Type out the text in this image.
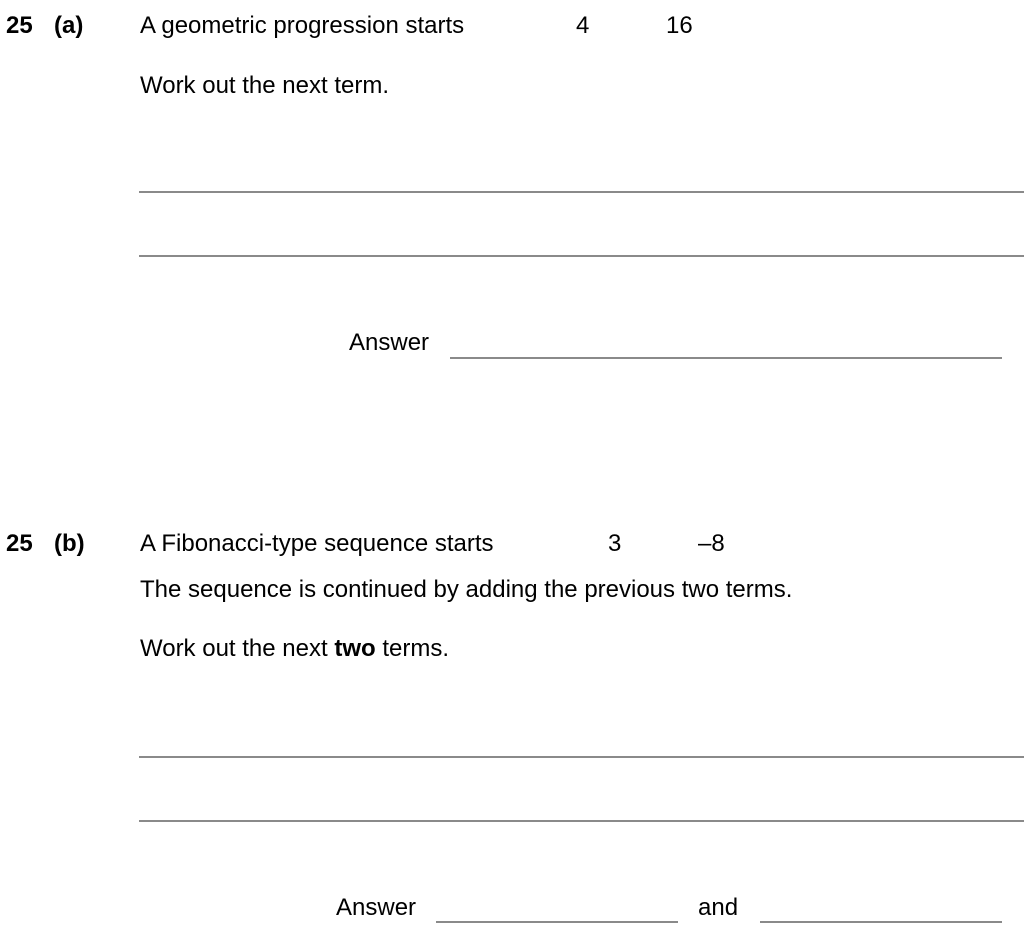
25 (a) A geometric progression starts	4	16
Work out the next term.
Answer
25 (b) A Fibonacci-type sequence starts	3	–8
The sequence is continued by adding the previous two terms.
Work out the next two terms.
Answer	and
